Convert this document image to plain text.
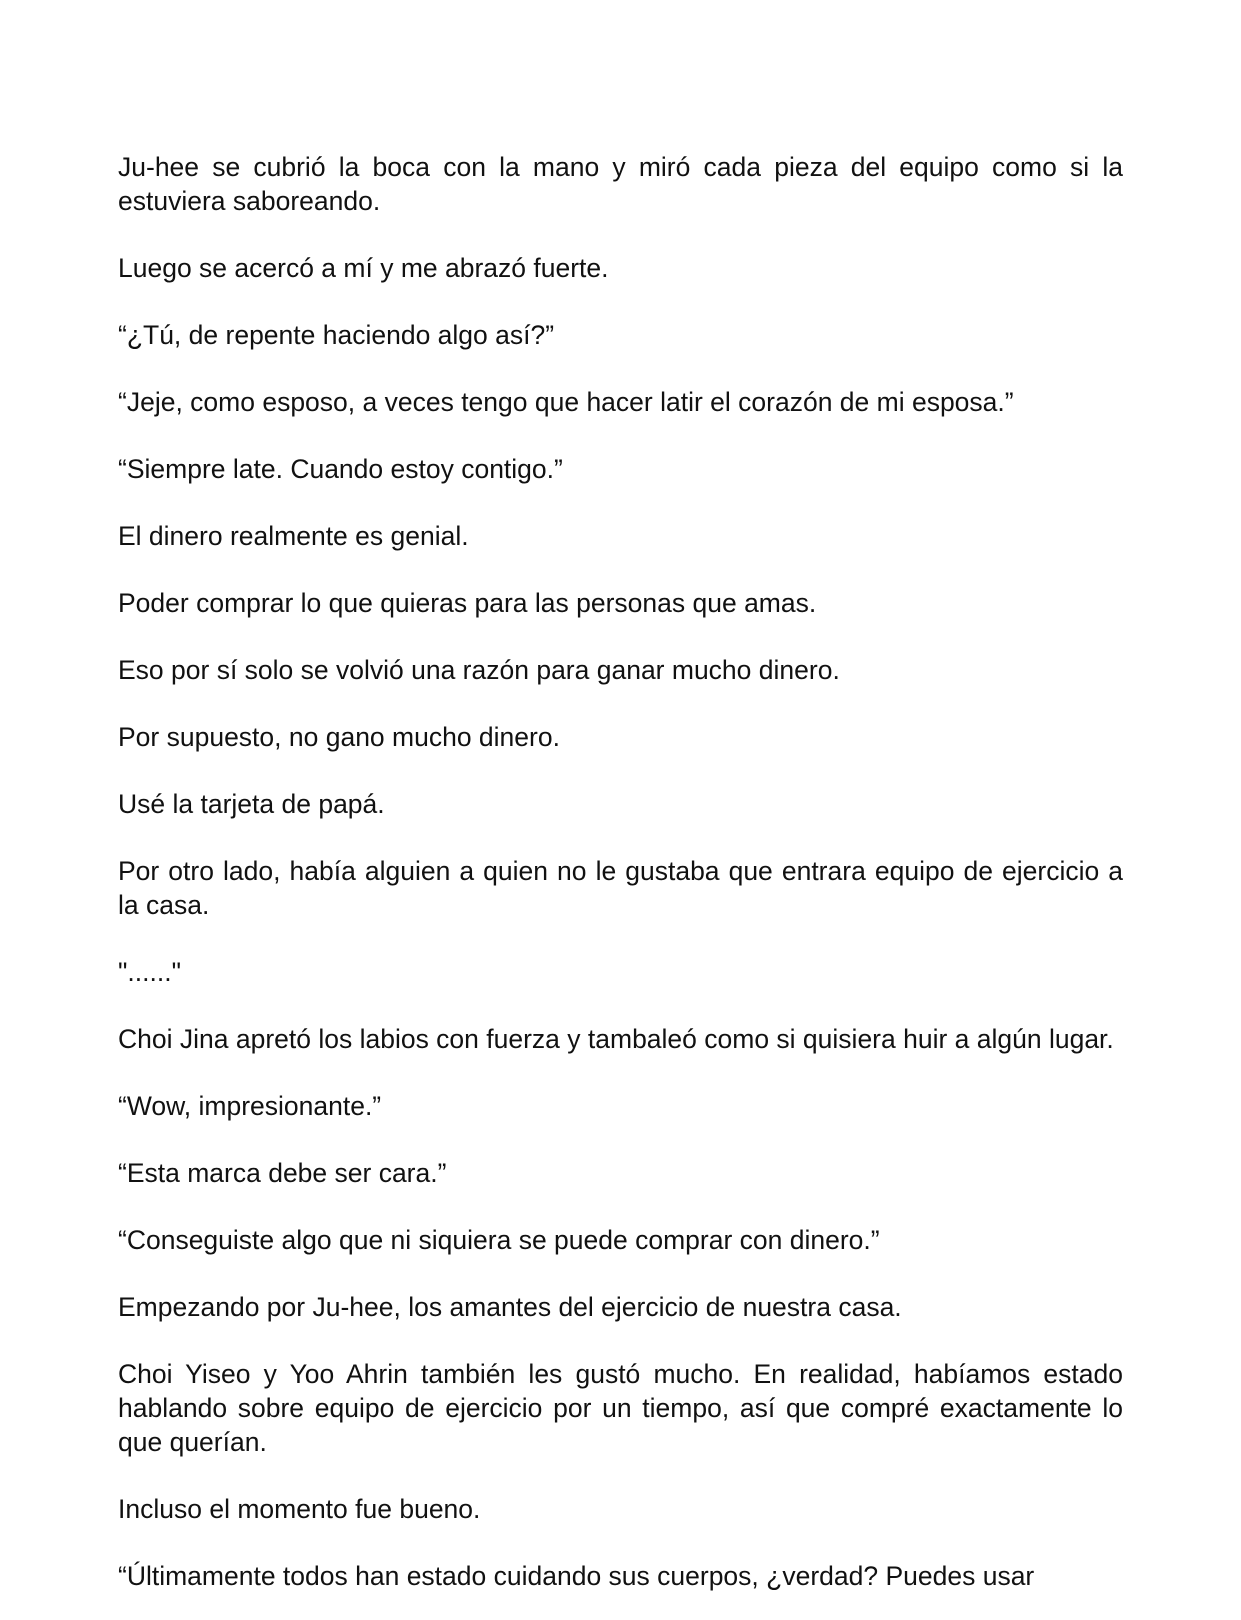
Ju-hee se cubrió la boca con la mano y miró cada pieza del equipo como si la estuviera saboreando.

Luego se acercó a mí y me abrazó fuerte.

“¿Tú, de repente haciendo algo así?”

“Jeje, como esposo, a veces tengo que hacer latir el corazón de mi esposa.”

“Siempre late. Cuando estoy contigo.”

El dinero realmente es genial.

Poder comprar lo que quieras para las personas que amas.

Eso por sí solo se volvió una razón para ganar mucho dinero.

Por supuesto, no gano mucho dinero.

Usé la tarjeta de papá.

Por otro lado, había alguien a quien no le gustaba que entrara equipo de ejercicio a la casa.

"......"

Choi Jina apretó los labios con fuerza y tambaleó como si quisiera huir a algún lugar.

“Wow, impresionante.”

“Esta marca debe ser cara.”

“Conseguiste algo que ni siquiera se puede comprar con dinero.”

Empezando por Ju-hee, los amantes del ejercicio de nuestra casa.

Choi Yiseo y Yoo Ahrin también les gustó mucho. En realidad, habíamos estado hablando sobre equipo de ejercicio por un tiempo, así que compré exactamente lo que querían.

Incluso el momento fue bueno.

“Últimamente todos han estado cuidando sus cuerpos, ¿verdad? Puedes usar
